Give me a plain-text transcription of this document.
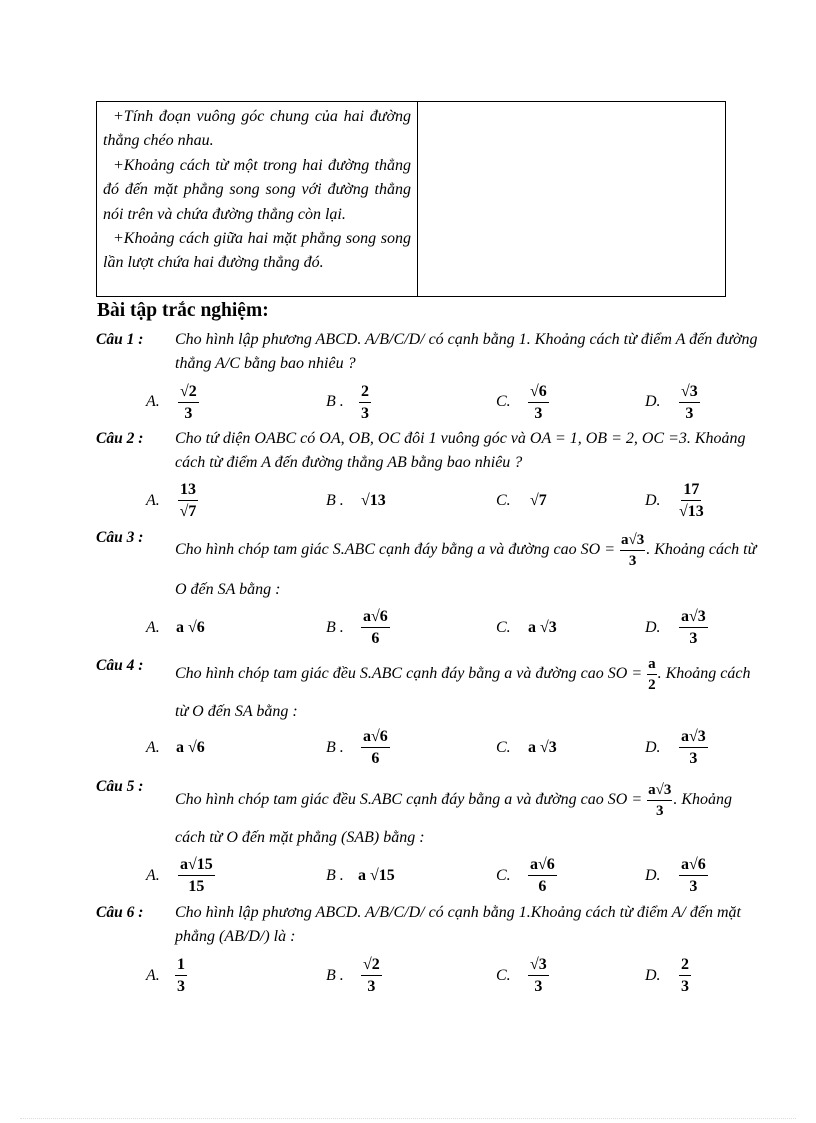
+Tính đoạn vuông góc chung của hai đường thẳng chéo nhau.

+Khoảng cách từ một trong hai đường thẳng đó đến mặt phẳng song song với đường thẳng nói trên và chứa đường thẳng còn lại.

+Khoảng cách giữa hai mặt phẳng song song lần lượt chứa hai đường thẳng đó.

Bài tập trắc nghiệm:
Câu 1 : Cho hình lập phương ABCD. A/B/C/D/ có cạnh bằng 1. Khoảng cách từ điểm A đến đường
thẳng A/C bằng bao nhiêu ?
A. $\frac{√2}{3}$	B . $\frac{2}{3}$	C. $\frac{√6}{3}$	D. $\frac{√3}{3}$
Câu 2 : Cho tứ diện OABC có OA, OB, OC đôi 1 vuông góc và OA = 1, OB = 2, OC =3. Khoảng
cách từ điểm A đến đường thẳng AB bằng bao nhiêu ?
A. $\frac{13}{√7}$	B . √13	C. √7	D. $\frac{17}{√13}$
Câu 3 :
Cho hình chóp tam giác S.ABC cạnh đáy bằng a và đường cao SO = $\frac{a√3}{3}$ . Khoảng cách từ
O đến SA bằng :
A. a √6	B . $\frac{a√6}{6}$	C. a √3	D. $\frac{a√3}{3}$
Câu 4 : Cho hình chóp tam giác đều S.ABC cạnh đáy bằng a và đường cao SO = $\frac{a}{2}$ . Khoảng cách
từ O đến SA bằng :
A. a √6	B . $\frac{a√6}{6}$	C. a √3	D. $\frac{a√3}{3}$
Câu 5 :
Cho hình chóp tam giác đều S.ABC cạnh đáy bằng a và đường cao SO = $\frac{a√3}{3}$ . Khoảng
cách từ O đến mặt phẳng (SAB) bằng :
A. $\frac{a√15}{15}$	B . a √15	C. $\frac{a√6}{6}$	D. $\frac{a√6}{3}$
Câu 6 : Cho hình lập phương ABCD. A/B/C/D/ có cạnh bằng 1.Khoảng cách từ điểm A/ đến mặt
phẳng (AB/D/) là :
A. $\frac{1}{3}$	B . $\frac{√2}{3}$	C. $\frac{√3}{3}$	D. $\frac{2}{3}$
